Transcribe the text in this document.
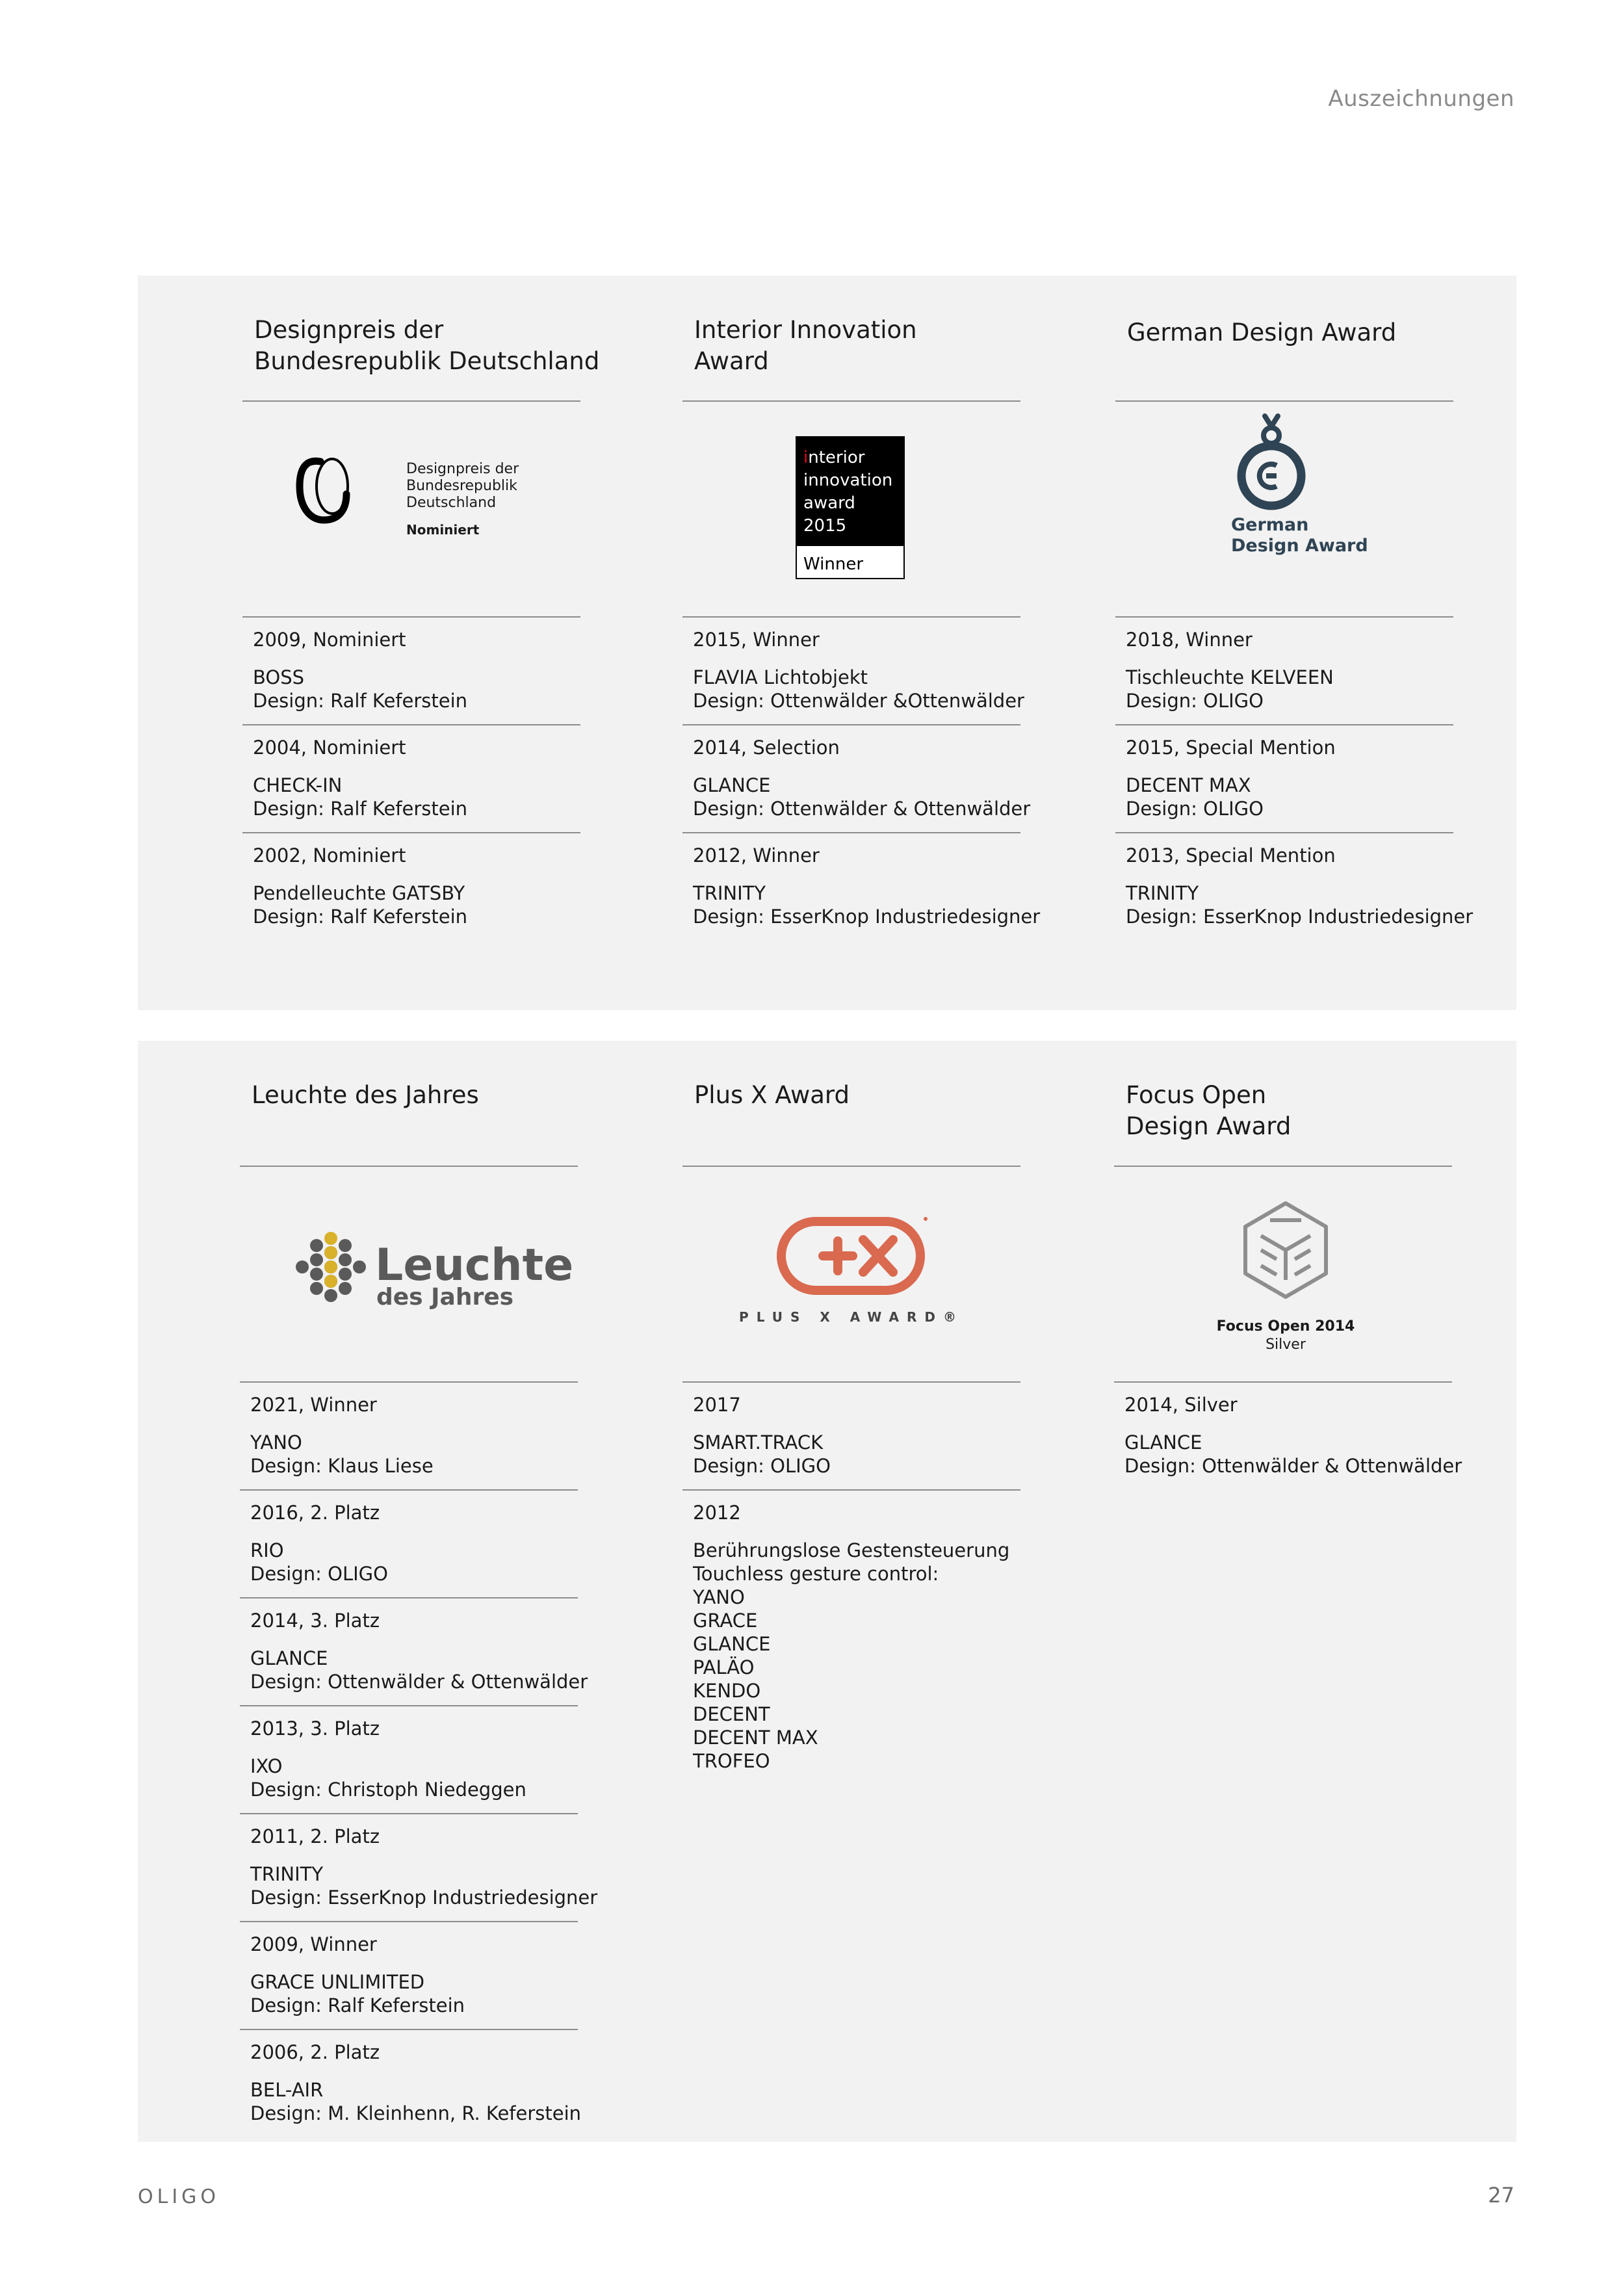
Auszeichnungen
Designpreis der
Bundesrepublik Deutschland
Designpreis der
Bundesrepublik
Deutschland
Nominiert
2009, Nominiert
BOSS
Design: Ralf Keferstein
2004, Nominiert
CHECK-IN
Design: Ralf Keferstein
2002, Nominiert
Pendelleuchte GATSBY
Design: Ralf Keferstein
Interior Innovation
Award
interior
innovation
award
2015
Winner
2015, Winner
FLAVIA Lichtobjekt
Design: Ottenwälder &Ottenwälder
2014, Selection
GLANCE
Design: Ottenwälder & Ottenwälder
2012, Winner
TRINITY
Design: EsserKnop Industriedesigner
German Design Award
German
Design Award
2018, Winner
Tischleuchte KELVEEN
Design: OLIGO
2015, Special Mention
DECENT MAX
Design: OLIGO
2013, Special Mention
TRINITY
Design: EsserKnop Industriedesigner
Leuchte des Jahres
Leuchte
des Jahres
2021, Winner
YANO
Design: Klaus Liese
2016, 2. Platz
RIO
Design: OLIGO
2014, 3. Platz
GLANCE
Design: Ottenwälder & Ottenwälder
2013, 3. Platz
IXO
Design: Christoph Niedeggen
2011, 2. Platz
TRINITY
Design: EsserKnop Industriedesigner
2009, Winner
GRACE UNLIMITED
Design: Ralf Keferstein
2006, 2. Platz
BEL-AIR
Design: M. Kleinhenn, R. Keferstein
Plus X Award
PLUS X AWARD®
2017
SMART.TRACK
Design: OLIGO
2012
Berührungslose Gestensteuerung
Touchless gesture control:
YANO
GRACE
GLANCE
PALÄO
KENDO
DECENT
DECENT MAX
TROFEO
Focus Open
Design Award
Focus Open 2014
Silver
2014, Silver
GLANCE
Design: Ottenwälder & Ottenwälder
OLIGO	27
